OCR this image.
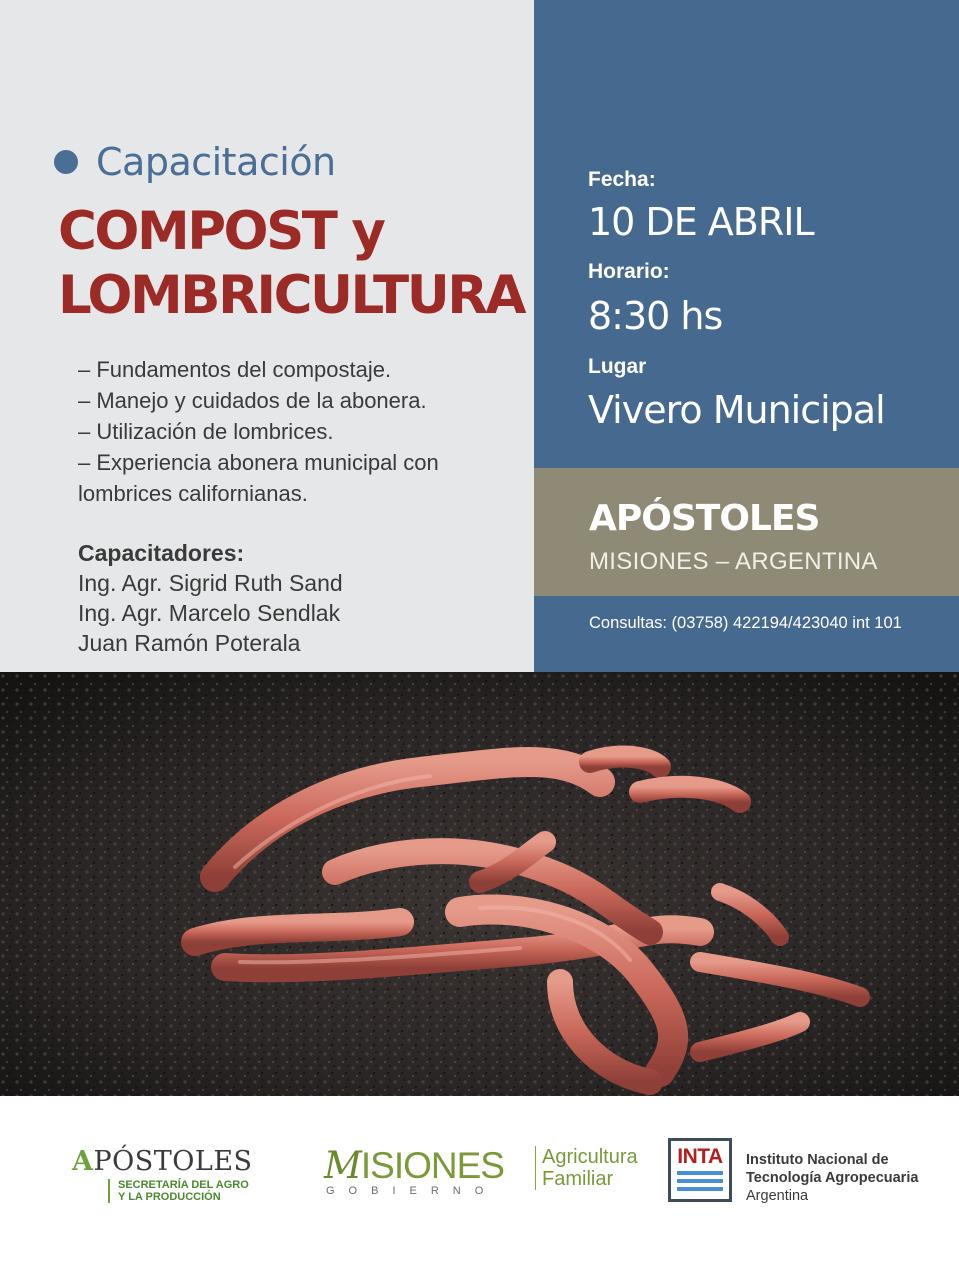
Capacitación
COMPOST y
LOMBRICULTURA
– Fundamentos del compostaje.
– Manejo y cuidados de la abonera.
– Utilización de lombrices.
– Experiencia abonera municipal con
lombrices californianas.
Capacitadores:
Ing. Agr. Sigrid Ruth Sand
Ing. Agr. Marcelo Sendlak
Juan Ramón Poterala
Fecha:
10 DE ABRIL
Horario:
8:30 hs
Lugar
Vivero Municipal
APÓSTOLES
MISIONES – ARGENTINA
Consultas: (03758) 422194/423040 int 101
APÓSTOLES
SECRETARÍA DEL AGRO
Y LA PRODUCCIÓN
MISIONES
GOBIERNO
Agricultura
Familiar
INTA	Instituto Nacional de
Tecnología Agropecuaria
Argentina
